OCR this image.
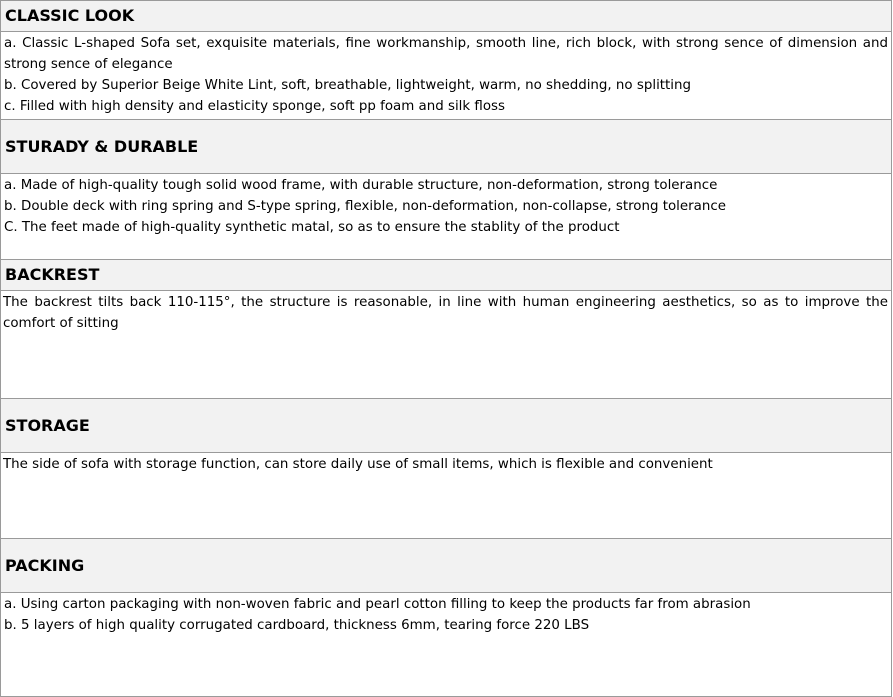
CLASSIC LOOK

a. Classic L-shaped Sofa set, exquisite materials, fine workmanship, smooth line, rich block, with strong sence of dimension and strong sence of elegance

b. Covered by Superior Beige White Lint, soft, breathable, lightweight, warm, no shedding, no splitting

c. Filled with high density and elasticity sponge, soft pp foam and silk floss

STURADY & DURABLE

a. Made of high-quality tough solid wood frame, with durable structure, non-deformation, strong tolerance

b. Double deck with ring spring and S-type spring, flexible, non-deformation, non-collapse, strong tolerance

C. The feet made of high-quality synthetic matal, so as to ensure the stablity of the product

BACKREST

The backrest tilts back 110-115°, the structure is reasonable, in line with human engineering aesthetics, so as to improve the comfort of sitting

STORAGE

The side of sofa with storage function, can store daily use of small items, which is flexible and convenient

PACKING

a. Using carton packaging with non-woven fabric and pearl cotton filling to keep the products far from abrasion

b. 5 layers of high quality corrugated cardboard, thickness 6mm, tearing force 220 LBS
